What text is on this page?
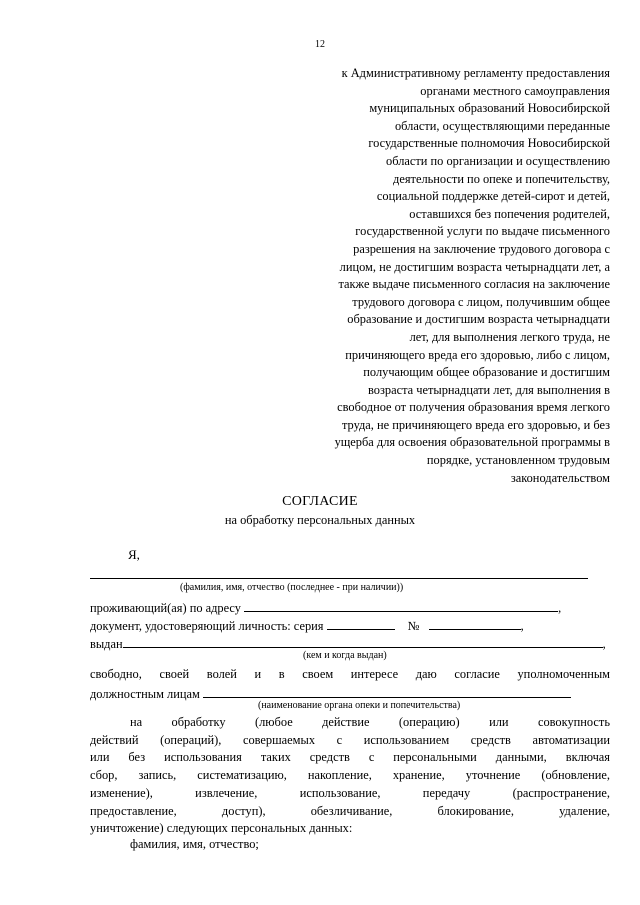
12
к Административному регламенту предоставления
органами местного самоуправления
муниципальных образований Новосибирской
области, осуществляющими переданные
государственные полномочия Новосибирской
области по организации и осуществлению
деятельности по опеке и попечительству,
социальной поддержке детей-сирот и детей,
оставшихся без попечения родителей,
государственной услуги по выдаче письменного
разрешения на заключение трудового договора с
лицом, не достигшим возраста четырнадцати лет, а
также выдаче письменного согласия на заключение
трудового договора с лицом, получившим общее
образование и достигшим возраста четырнадцати
лет, для выполнения легкого труда, не
причиняющего вреда его здоровью, либо с лицом,
получающим общее образование и достигшим
возраста четырнадцати лет, для выполнения в
свободное от получения образования время легкого
труда, не причиняющего вреда его здоровью, и без
ущерба для освоения образовательной программы в
порядке, установленном трудовым
законодательством
СОГЛАСИЕ
на обработку персональных данных
Я,
(фамилия, имя, отчество (последнее - при наличии))
проживающий(ая) по адресу	,
документ, удостоверяющий личность: серия	№	,
выдан	,
(кем и когда выдан)
свободно, своей волей и в своем интересе даю согласие уполномоченным
должностным лицам
(наименование органа опеки и попечительства)
на обработку (любое действие (операцию) или совокупность
действий (операций), совершаемых с использованием средств автоматизации
или без использования таких средств с персональными данными, включая
сбор, запись, систематизацию, накопление, хранение, уточнение (обновление,
изменение), извлечение, использование, передачу (распространение,
предоставление, доступ), обезличивание, блокирование, удаление,
уничтожение) следующих персональных данных:
фамилия, имя, отчество;
